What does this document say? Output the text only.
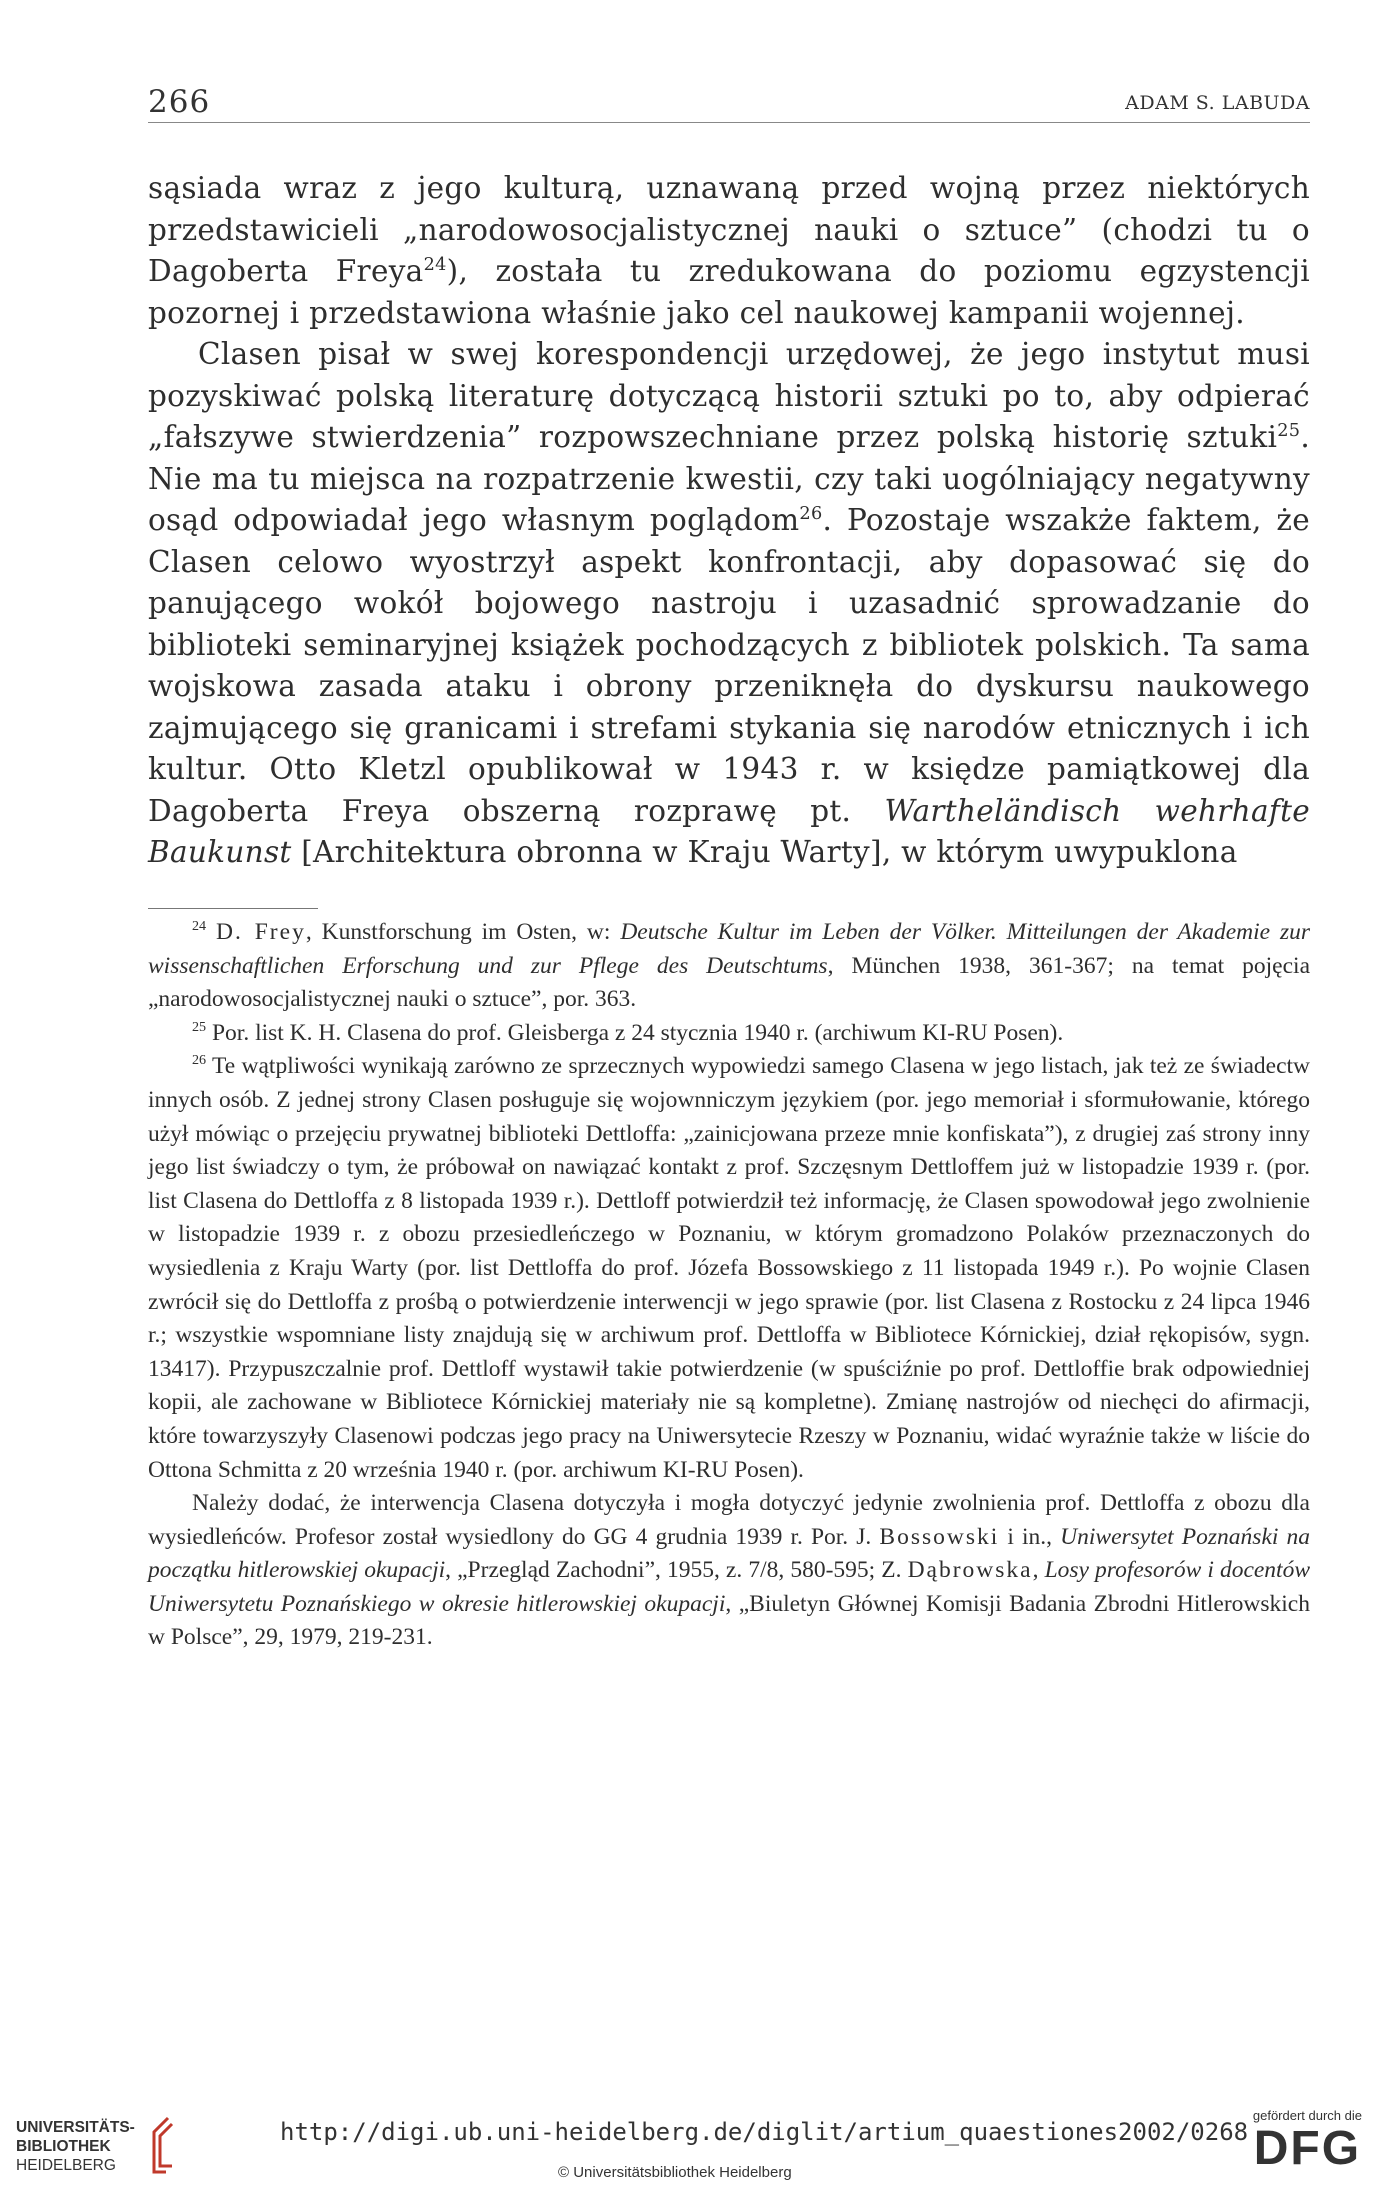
266	ADAM S. LABUDA

sąsiada wraz z jego kulturą, uznawaną przed wojną przez niektórych przedstawicieli „narodowosocjalistycznej nauki o sztuce” (chodzi tu o Dagoberta Freya$^{24}$), została tu zredukowana do poziomu egzystencji pozornej i przedstawiona właśnie jako cel naukowej kampanii wojennej.

Clasen pisał w swej korespondencji urzędowej, że jego instytut musi pozyskiwać polską literaturę dotyczącą historii sztuki po to, aby odpierać „fałszywe stwierdzenia” rozpowszechniane przez polską historię sztuki$^{25}$. Nie ma tu miejsca na rozpatrzenie kwestii, czy taki uogólniający negatywny osąd odpowiadał jego własnym poglądom$^{26}$. Pozostaje wszakże faktem, że Clasen celowo wyostrzył aspekt konfrontacji, aby dopasować się do panującego wokół bojowego nastroju i uzasadnić sprowadzanie do biblioteki seminaryjnej książek pochodzących z bibliotek polskich. Ta sama wojskowa zasada ataku i obrony przeniknęła do dyskursu naukowego zajmującego się granicami i strefami stykania się narodów etnicznych i ich kultur. Otto Kletzl opublikował w 1943 r. w księdze pamiątkowej dla Dagoberta Freya obszerną rozprawę pt. Warthеländisch wehrhafte Baukunst [Architektura obronna w Kraju Warty], w którym uwypuklona

$^{24}$ D. Frey, Kunstforschung im Osten, w: Deutsche Kultur im Leben der Völker. Mitteilungen der Akademie zur wissenschaftlichen Erforschung und zur Pflege des Deutschtums, München 1938, 361-367; na temat pojęcia „narodowosocjalistycznej nauki o sztuce”, por. 363.

$^{25}$ Por. list K. H. Clasena do prof. Gleisberga z 24 stycznia 1940 r. (archiwum KI-RU Posen).

$^{26}$ Te wątpliwości wynikają zarówno ze sprzecznych wypowiedzi samego Clasena w jego listach, jak też ze świadectw innych osób. Z jednej strony Clasen posługuje się wojownniczym językiem (por. jego memoriał i sformułowanie, którego użył mówiąc o przejęciu prywatnej biblioteki Dettloffa: „zainicjowana przeze mnie konfiskata”), z drugiej zaś strony inny jego list świadczy o tym, że próbował on nawiązać kontakt z prof. Szczęsnym Dettloffem już w listopadzie 1939 r. (por. list Clasena do Dettloffa z 8 listopada 1939 r.). Dettloff potwierdził też informację, że Clasen spowodował jego zwolnienie w listopadzie 1939 r. z obozu przesiedleńczego w Poznaniu, w którym gromadzono Polaków przeznaczonych do wysiedlenia z Kraju Warty (por. list Dettloffa do prof. Józefa Bossowskiego z 11 listopada 1949 r.). Po wojnie Clasen zwrócił się do Dettloffa z prośbą o potwierdzenie interwencji w jego sprawie (por. list Clasena z Rostocku z 24 lipca 1946 r.; wszystkie wspomniane listy znajdują się w archiwum prof. Dettloffa w Bibliotece Kórnickiej, dział rękopisów, sygn. 13417). Przypuszczalnie prof. Dettloff wystawił takie potwierdzenie (w spuściźnie po prof. Dettloffie brak odpowiedniej kopii, ale zachowane w Bibliotece Kórnickiej materiały nie są kompletne). Zmianę nastrojów od niechęci do afirmacji, które towarzyszyły Clasenowi podczas jego pracy na Uniwersytecie Rzeszy w Poznaniu, widać wyraźnie także w liście do Ottona Schmitta z 20 września 1940 r. (por. archiwum KI-RU Posen).

Należy dodać, że interwencja Clasena dotyczyła i mogła dotyczyć jedynie zwolnienia prof. Dettloffa z obozu dla wysiedleńców. Profesor został wysiedlony do GG 4 grudnia 1939 r. Por. J. Bossowski i in., Uniwersytet Poznański na początku hitlerowskiej okupacji, „Przegląd Zachodni”, 1955, z. 7/8, 580-595; Z. Dąbrowska, Losy profesorów i docentów Uniwersytetu Poznańskiego w okresie hitlerowskiej okupacji, „Biuletyn Głównej Komisji Badania Zbrodni Hitlerowskich w Polsce”, 29, 1979, 219-231.

UNIVERSITÄTS-
BIBLIOTHEK
HEIDELBERG
http://digi.ub.uni-heidelberg.de/diglit/artium_quaestiones2002/0268
© Universitätsbibliothek Heidelberg
gefördert durch die
DFG
